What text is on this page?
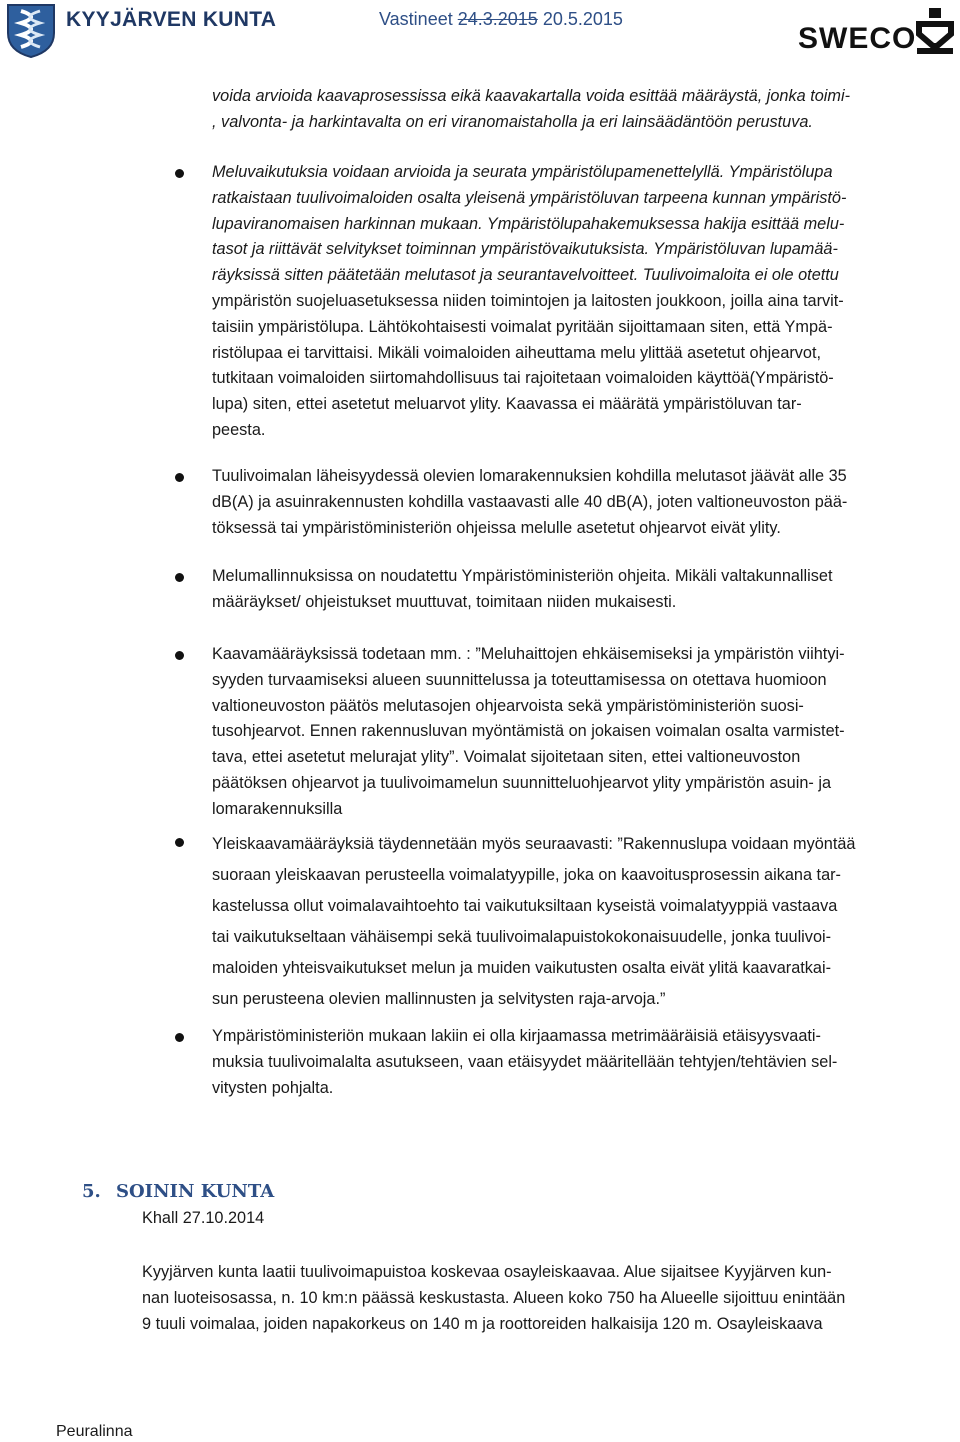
KYYJÄRVEN KUNTA	Vastineet 24.3.2015 20.5.2015
SWECO
voida arvioida kaavaprosessissa eikä kaavakartalla voida esittää määräystä, jonka toimi-
, valvonta- ja harkintavalta on eri viranomaistaholla ja eri lainsäädäntöön perustuva.
Meluvaikutuksia voidaan arvioida ja seurata ympäristölupamenettelyllä. Ympäristölupa
ratkaistaan tuulivoimaloiden osalta yleisenä ympäristöluvan tarpeena kunnan ympäristö-
lupaviranomaisen harkinnan mukaan. Ympäristölupahakemuksessa hakija esittää melu-
tasot ja riittävät selvitykset toiminnan ympäristövaikutuksista. Ympäristöluvan lupamää-
räyksissä sitten päätetään melutasot ja seurantavelvoitteet. Tuulivoimaloita ei ole otettu
ympäristön suojeluasetuksessa niiden toimintojen ja laitosten joukkoon, joilla aina tarvit-
taisiin ympäristölupa. Lähtökohtaisesti voimalat pyritään sijoittamaan siten, että Ympä-
ristölupaa ei tarvittaisi. Mikäli voimaloiden aiheuttama melu ylittää asetetut ohjearvot,
tutkitaan voimaloiden siirtomahdollisuus tai rajoitetaan voimaloiden käyttöä(Ympäristö-
lupa) siten, ettei asetetut meluarvot ylity. Kaavassa ei määrätä ympäristöluvan tar-
peesta.
Tuulivoimalan läheisyydessä olevien lomarakennuksien kohdilla melutasot jäävät alle 35
dB(A) ja asuinrakennusten kohdilla vastaavasti alle 40 dB(A), joten valtioneuvoston pää-
töksessä tai ympäristöministeriön ohjeissa melulle asetetut ohjearvot eivät ylity.
Melumallinnuksissa on noudatettu Ympäristöministeriön ohjeita. Mikäli valtakunnalliset
määräykset/ ohjeistukset muuttuvat, toimitaan niiden mukaisesti.
Kaavamääräyksissä todetaan mm. : ”Meluhaittojen ehkäisemiseksi ja ympäristön viihtyi-
syyden turvaamiseksi alueen suunnittelussa ja toteuttamisessa on otettava huomioon
valtioneuvoston päätös melutasojen ohjearvoista sekä ympäristöministeriön suosi-
tusohjearvot. Ennen rakennusluvan myöntämistä on jokaisen voimalan osalta varmistet-
tava, ettei asetetut melurajat ylity”. Voimalat sijoitetaan siten, ettei valtioneuvoston
päätöksen ohjearvot ja tuulivoimamelun suunnitteluohjearvot ylity ympäristön asuin- ja
lomarakennuksilla
Yleiskaavamääräyksiä täydennetään myös seuraavasti: ”Rakennuslupa voidaan myöntää
suoraan yleiskaavan perusteella voimalatyypille, joka on kaavoitusprosessin aikana tar-
kastelussa ollut voimalavaihtoehto tai vaikutuksiltaan kyseistä voimalatyyppiä vastaava
tai vaikutukseltaan vähäisempi sekä tuulivoimalapuistokokonaisuudelle, jonka tuulivoi-
maloiden yhteisvaikutukset melun ja muiden vaikutusten osalta eivät ylitä kaavaratkai-
sun perusteena olevien mallinnusten ja selvitysten raja-arvoja.”
Ympäristöministeriön mukaan lakiin ei olla kirjaamassa metrimääräisiä etäisyysvaati-
muksia tuulivoimalalta asutukseen, vaan etäisyydet määritellään tehtyjen/tehtävien sel-
vitysten pohjalta.
5. SOININ KUNTA
Khall 27.10.2014
Kyyjärven kunta laatii tuulivoimapuistoa koskevaa osayleiskaavaa. Alue sijaitsee Kyyjärven kun-
nan luoteisosassa, n. 10 km:n päässä keskustasta. Alueen koko 750 ha Alueelle sijoittuu enintään
9 tuuli voimalaa, joiden napakorkeus on 140 m ja roottoreiden halkaisija 120 m. Osayleiskaava
Peuralinna
